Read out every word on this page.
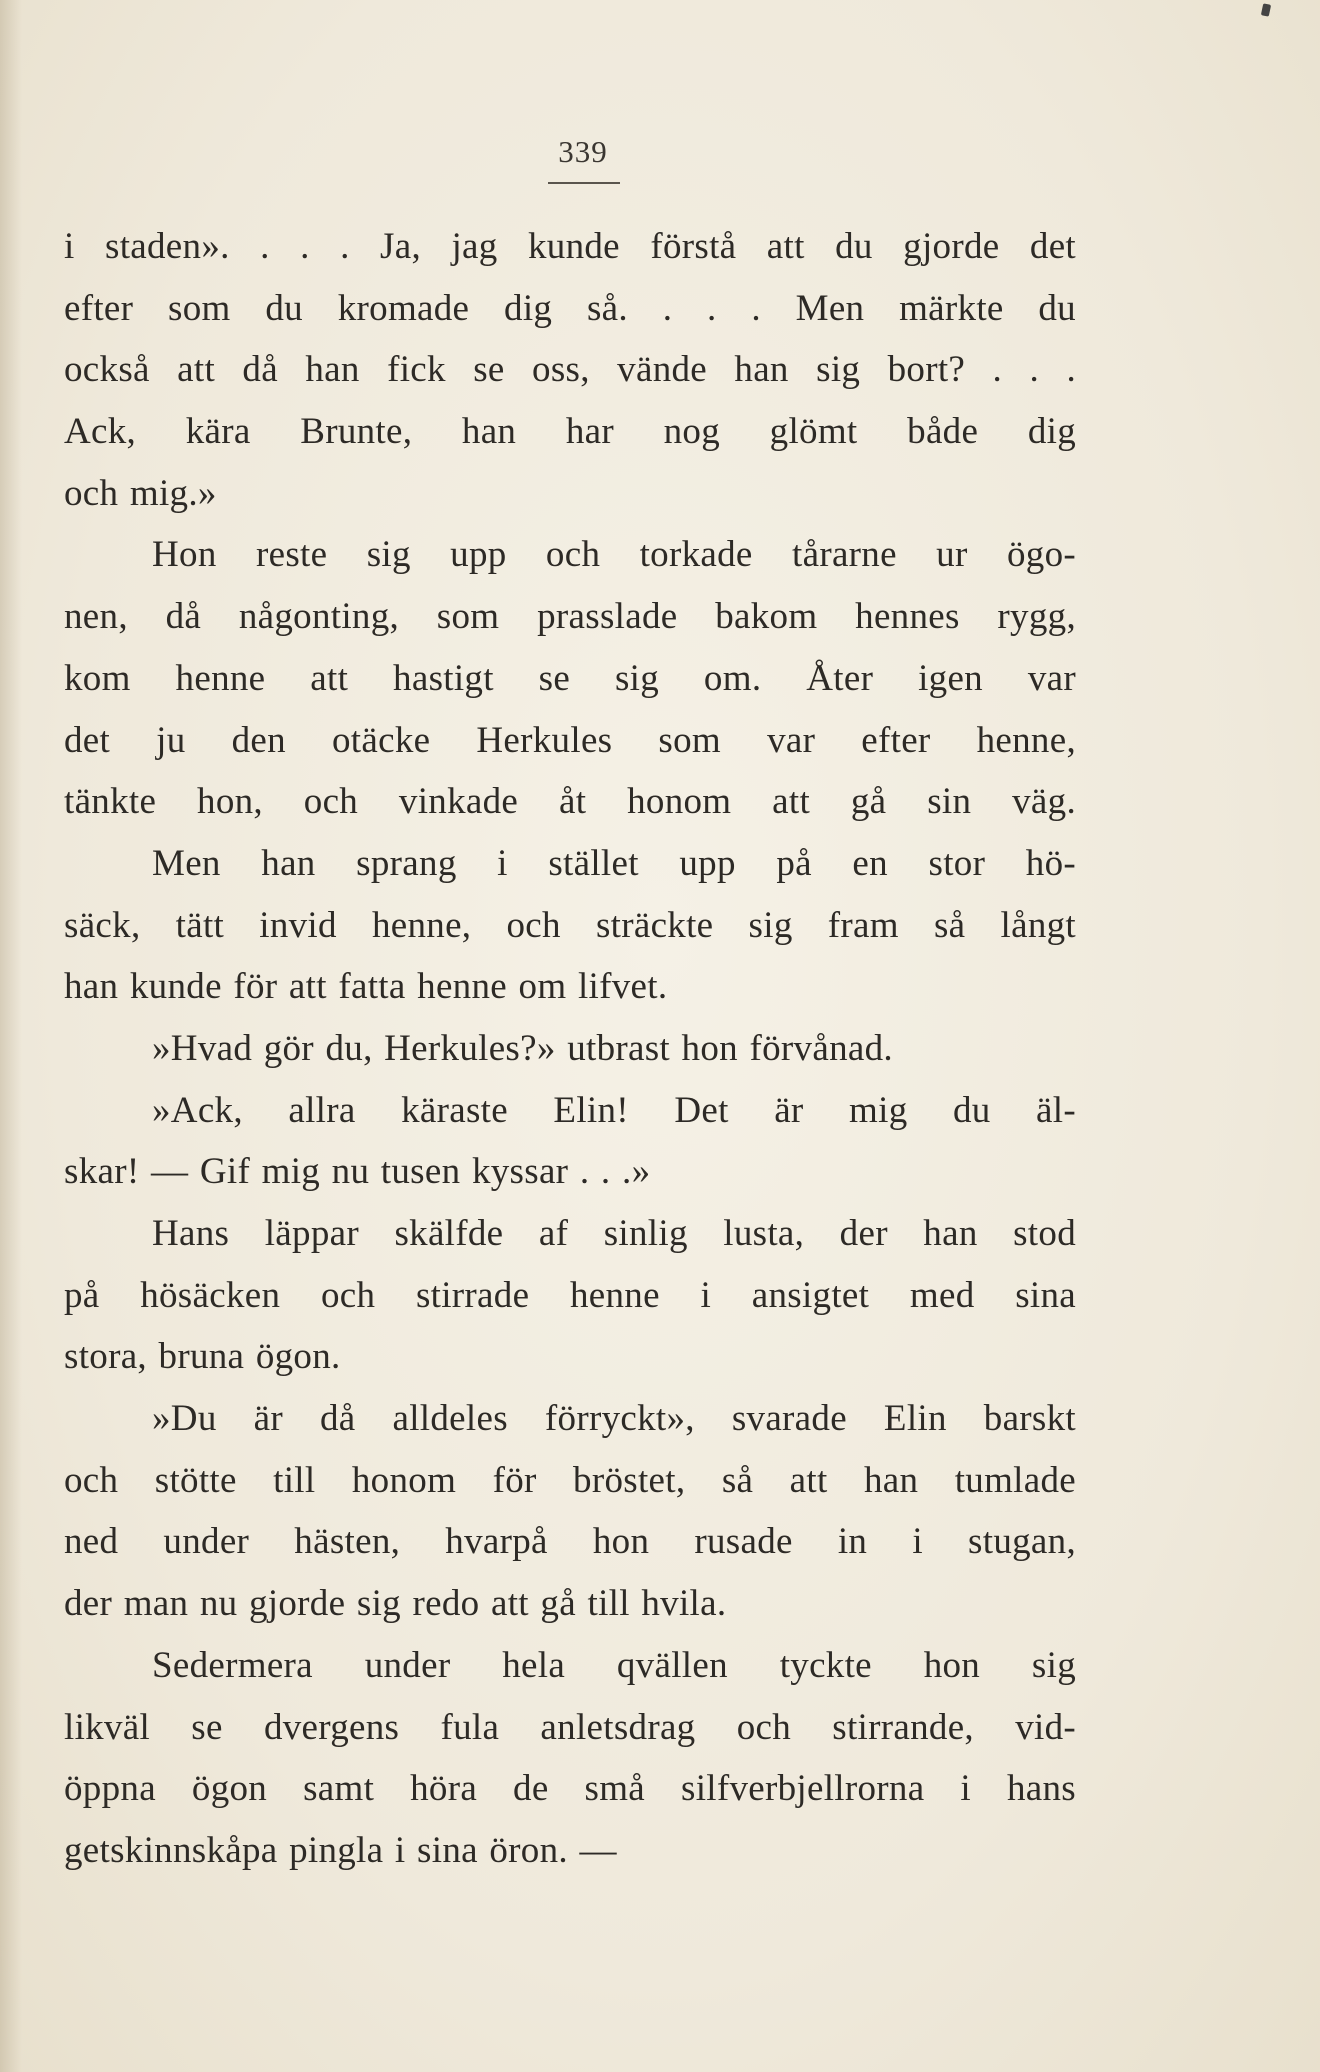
339
i staden». . . . Ja, jag kunde förstå att du gjorde det
efter som du kromade dig så. . . . Men märkte du
också att då han fick se oss, vände han sig bort? . . .
Ack, kära Brunte, han har nog glömt både dig
och mig.»
Hon reste sig upp och torkade tårarne ur ögo-
nen, då någonting, som prasslade bakom hennes rygg,
kom henne att hastigt se sig om. Åter igen var
det ju den otäcke Herkules som var efter henne,
tänkte hon, och vinkade åt honom att gå sin väg.
Men han sprang i stället upp på en stor hö-
säck, tätt invid henne, och sträckte sig fram så långt
han kunde för att fatta henne om lifvet.
»Hvad gör du, Herkules?» utbrast hon förvånad.
»Ack, allra käraste Elin! Det är mig du äl-
skar! — Gif mig nu tusen kyssar . . .»
Hans läppar skälfde af sinlig lusta, der han stod
på hösäcken och stirrade henne i ansigtet med sina
stora, bruna ögon.
»Du är då alldeles förryckt», svarade Elin barskt
och stötte till honom för bröstet, så att han tumlade
ned under hästen, hvarpå hon rusade in i stugan,
der man nu gjorde sig redo att gå till hvila.
Sedermera under hela qvällen tyckte hon sig
likväl se dvergens fula anletsdrag och stirrande, vid-
öppna ögon samt höra de små silfverbjellrorna i hans
getskinnskåpa pingla i sina öron. —
